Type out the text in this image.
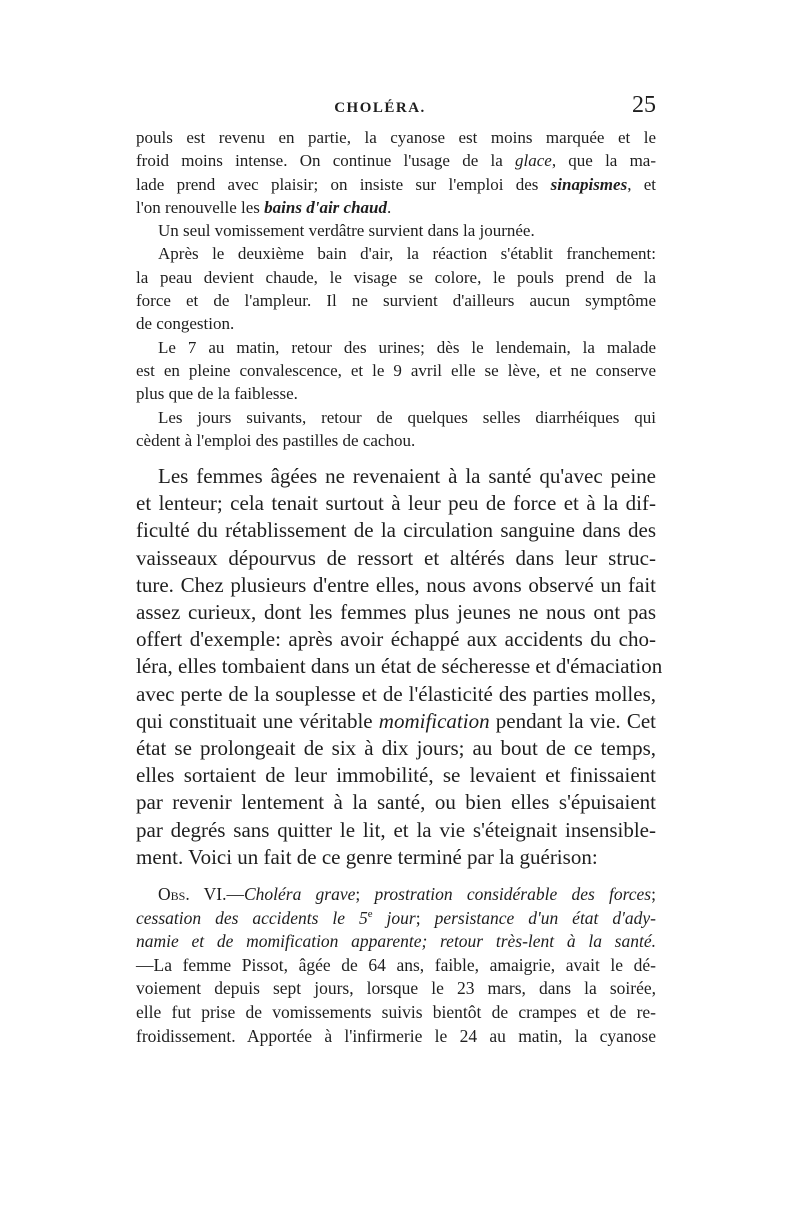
CHOLÉRA.	25
pouls est revenu en partie, la cyanose est moins marquée et le
froid moins intense. On continue l'usage de la glace, que la ma-
lade prend avec plaisir; on insiste sur l'emploi des sinapismes, et
l'on renouvelle les bains d'air chaud.
Un seul vomissement verdâtre survient dans la journée.
Après le deuxième bain d'air, la réaction s'établit franchement:
la peau devient chaude, le visage se colore, le pouls prend de la
force et de l'ampleur. Il ne survient d'ailleurs aucun symptôme
de congestion.
Le 7 au matin, retour des urines; dès le lendemain, la malade
est en pleine convalescence, et le 9 avril elle se lève, et ne conserve
plus que de la faiblesse.
Les jours suivants, retour de quelques selles diarrhéiques qui
cèdent à l'emploi des pastilles de cachou.
Les femmes âgées ne revenaient à la santé qu'avec peine
et lenteur; cela tenait surtout à leur peu de force et à la dif-
ficulté du rétablissement de la circulation sanguine dans des
vaisseaux dépourvus de ressort et altérés dans leur struc-
ture. Chez plusieurs d'entre elles, nous avons observé un fait
assez curieux, dont les femmes plus jeunes ne nous ont pas
offert d'exemple: après avoir échappé aux accidents du cho-
léra, elles tombaient dans un état de sécheresse et d'émaciation
avec perte de la souplesse et de l'élasticité des parties molles,
qui constituait une véritable momification pendant la vie. Cet
état se prolongeait de six à dix jours; au bout de ce temps,
elles sortaient de leur immobilité, se levaient et finissaient
par revenir lentement à la santé, ou bien elles s'épuisaient
par degrés sans quitter le lit, et la vie s'éteignait insensible-
ment. Voici un fait de ce genre terminé par la guérison:
Obs. VI.—Choléra grave; prostration considérable des forces;
cessation des accidents le 5e jour; persistance d'un état d'ady-
namie et de momification apparente; retour très-lent à la santé.
—La femme Pissot, âgée de 64 ans, faible, amaigrie, avait le dé-
voiement depuis sept jours, lorsque le 23 mars, dans la soirée,
elle fut prise de vomissements suivis bientôt de crampes et de re-
froidissement. Apportée à l'infirmerie le 24 au matin, la cyanose
